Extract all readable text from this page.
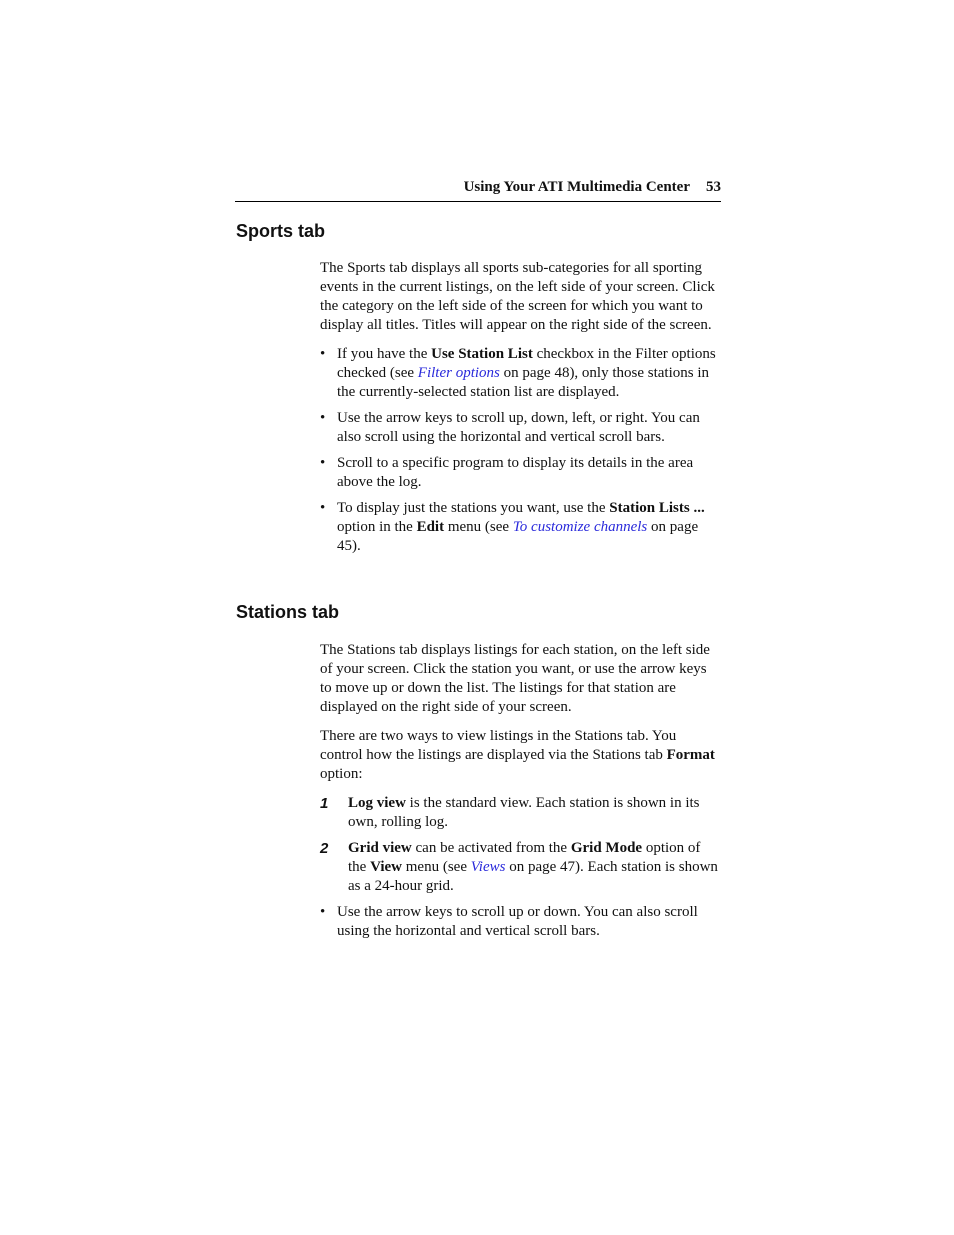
Using Your ATI Multimedia Center 53
Sports tab

The Sports tab displays all sports sub-categories for all sporting events in the current listings, on the left side of your screen. Click the category on the left side of the screen for which you want to display all titles. Titles will appear on the right side of the screen.

• If you have the Use Station List checkbox in the Filter options checked (see Filter options on page 48), only those stations in the currently-selected station list are displayed.
• Use the arrow keys to scroll up, down, left, or right. You can also scroll using the horizontal and vertical scroll bars.
• Scroll to a specific program to display its details in the area above the log.
• To display just the stations you want, use the Station Lists ... option in the Edit menu (see To customize channels on page 45).
Stations tab

The Stations tab displays listings for each station, on the left side of your screen. Click the station you want, or use the arrow keys to move up or down the list. The listings for that station are displayed on the right side of your screen.

There are two ways to view listings in the Stations tab. You control how the listings are displayed via the Stations tab Format option:

1 Log view is the standard view. Each station is shown in its own, rolling log.
2 Grid view can be activated from the Grid Mode option of the View menu (see Views on page 47). Each station is shown as a 24-hour grid.
• Use the arrow keys to scroll up or down. You can also scroll using the horizontal and vertical scroll bars.
